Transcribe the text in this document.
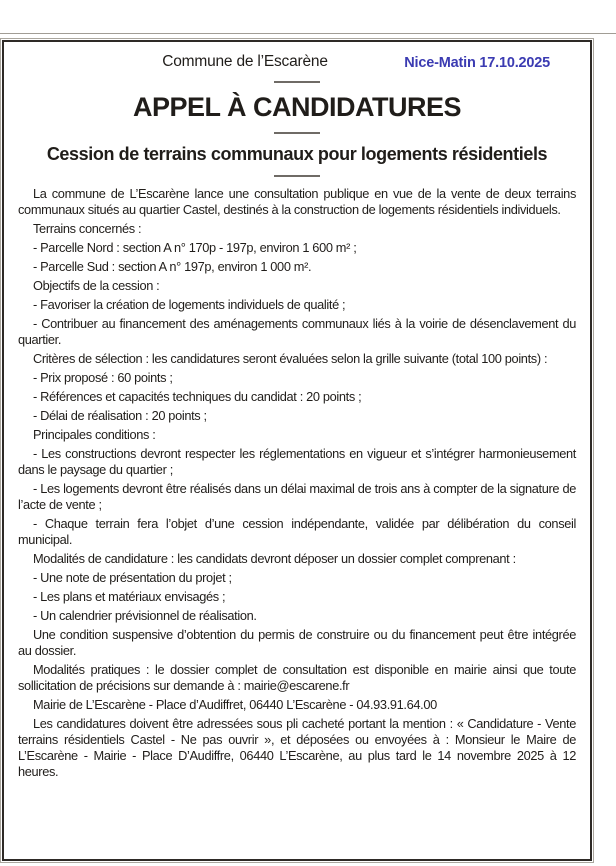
Commune de l’Escarène	Nice-Matin 17.10.2025
APPEL À CANDIDATURES
Cession de terrains communaux pour logements résidentiels

La commune de L’Escarène lance une consultation publique en vue de la vente de deux terrains communaux situés au quartier Castel, destinés à la construction de logements résidentiels individuels.

Terrains concernés :

- Parcelle Nord : section A n° 170p - 197p, environ 1 600 m² ;

- Parcelle Sud : section A n° 197p, environ 1 000 m².

Objectifs de la cession :

- Favoriser la création de logements individuels de qualité ;

- Contribuer au financement des aménagements communaux liés à la voirie de désenclavement du quartier.

Critères de sélection : les candidatures seront évaluées selon la grille suivante (total 100 points) :

- Prix proposé : 60 points ;

- Références et capacités techniques du candidat : 20 points ;

- Délai de réalisation : 20 points ;

Principales conditions :

- Les constructions devront respecter les réglementations en vigueur et s’intégrer harmonieusement dans le paysage du quartier ;

- Les logements devront être réalisés dans un délai maximal de trois ans à compter de la signature de l’acte de vente ;

- Chaque terrain fera l’objet d’une cession indépendante, validée par délibération du conseil municipal.

Modalités de candidature : les candidats devront déposer un dossier complet comprenant :

- Une note de présentation du projet ;

- Les plans et matériaux envisagés ;

- Un calendrier prévisionnel de réalisation.

Une condition suspensive d’obtention du permis de construire ou du financement peut être intégrée au dossier.

Modalités pratiques : le dossier complet de consultation est disponible en mairie ainsi que toute sollicitation de précisions sur demande à : mairie@escarene.fr

Mairie de L’Escarène - Place d’Audiffret, 06440 L’Escarène - 04.93.91.64.00

Les candidatures doivent être adressées sous pli cacheté portant la mention : « Candidature - Vente terrains résidentiels Castel - Ne pas ouvrir », et déposées ou envoyées à : Monsieur le Maire de L’Escarène - Mairie - Place D’Audiffre, 06440 L’Escarène, au plus tard le 14 novembre 2025 à 12 heures.
